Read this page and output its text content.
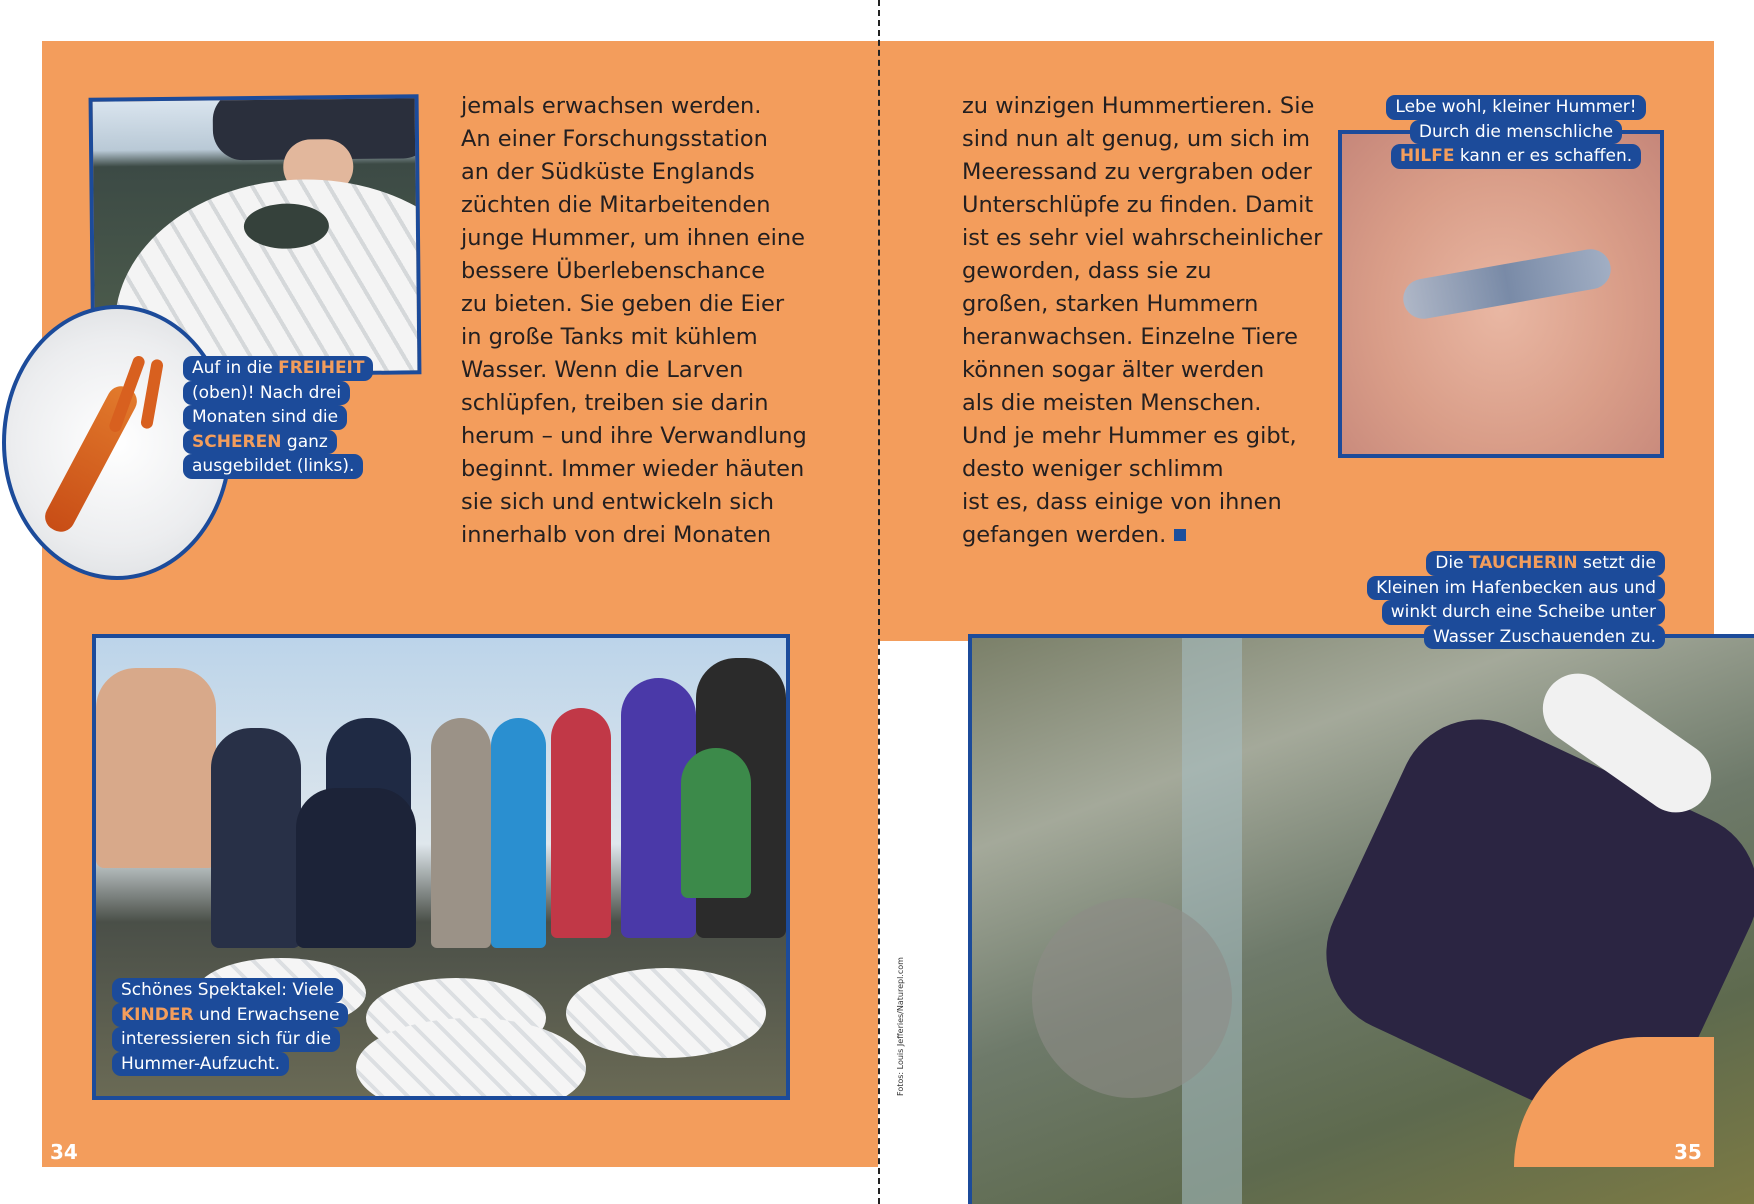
jemals erwachsen werden.
An einer Forschungsstation
an der Südküste Englands
züchten die Mitarbeitenden
junge Hummer, um ihnen eine
bessere Überlebenschance
zu bieten. Sie geben die Eier
in große Tanks mit kühlem
Wasser. Wenn die Larven
schlüpfen, treiben sie darin
herum – und ihre Verwandlung
beginnt. Immer wieder häuten
sie sich und entwickeln sich
innerhalb von drei Monaten
zu winzigen Hummertieren. Sie
sind nun alt genug, um sich im
Meeressand zu vergraben oder
Unterschlüpfe zu finden. Damit
ist es sehr viel wahrscheinlicher
geworden, dass sie zu
großen, starken Hummern
heranwachsen. Einzelne Tiere
können sogar älter werden
als die meisten Menschen.
Und je mehr Hummer es gibt,
desto weniger schlimm
ist es, dass einige von ihnen
gefangen werden.
Auf in die FREIHEIT
(oben)! Nach drei
Monaten sind die
SCHEREN ganz
ausgebildet (links).
Schönes Spektakel: Viele
KINDER und Erwachsene
interessieren sich für die
Hummer-Aufzucht.
Lebe wohl, kleiner Hummer!
Durch die menschliche
HILFE kann er es schaffen.
Die TAUCHERIN setzt die
Kleinen im Hafenbecken aus und
winkt durch eine Scheibe unter
Wasser Zuschauenden zu.
34	35
Fotos: Louis Jefferies/Naturepl.com
